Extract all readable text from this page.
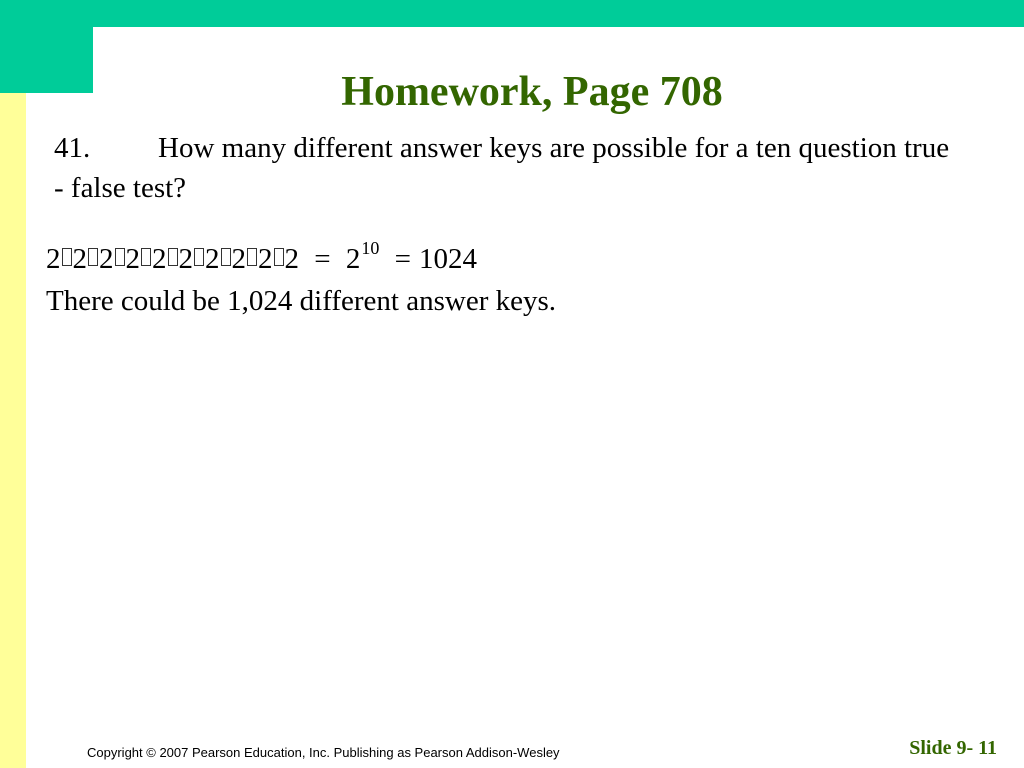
Homework, Page 708
41. How many different answer keys are possible for a ten question true - false test?
2 2 2 2 2 2 2 2 2 $2 = 2^{10} = 1024$
There could be 1,024 different answer keys.
Copyright © 2007 Pearson Education, Inc. Publishing as Pearson Addison-Wesley	Slide 9- 11
